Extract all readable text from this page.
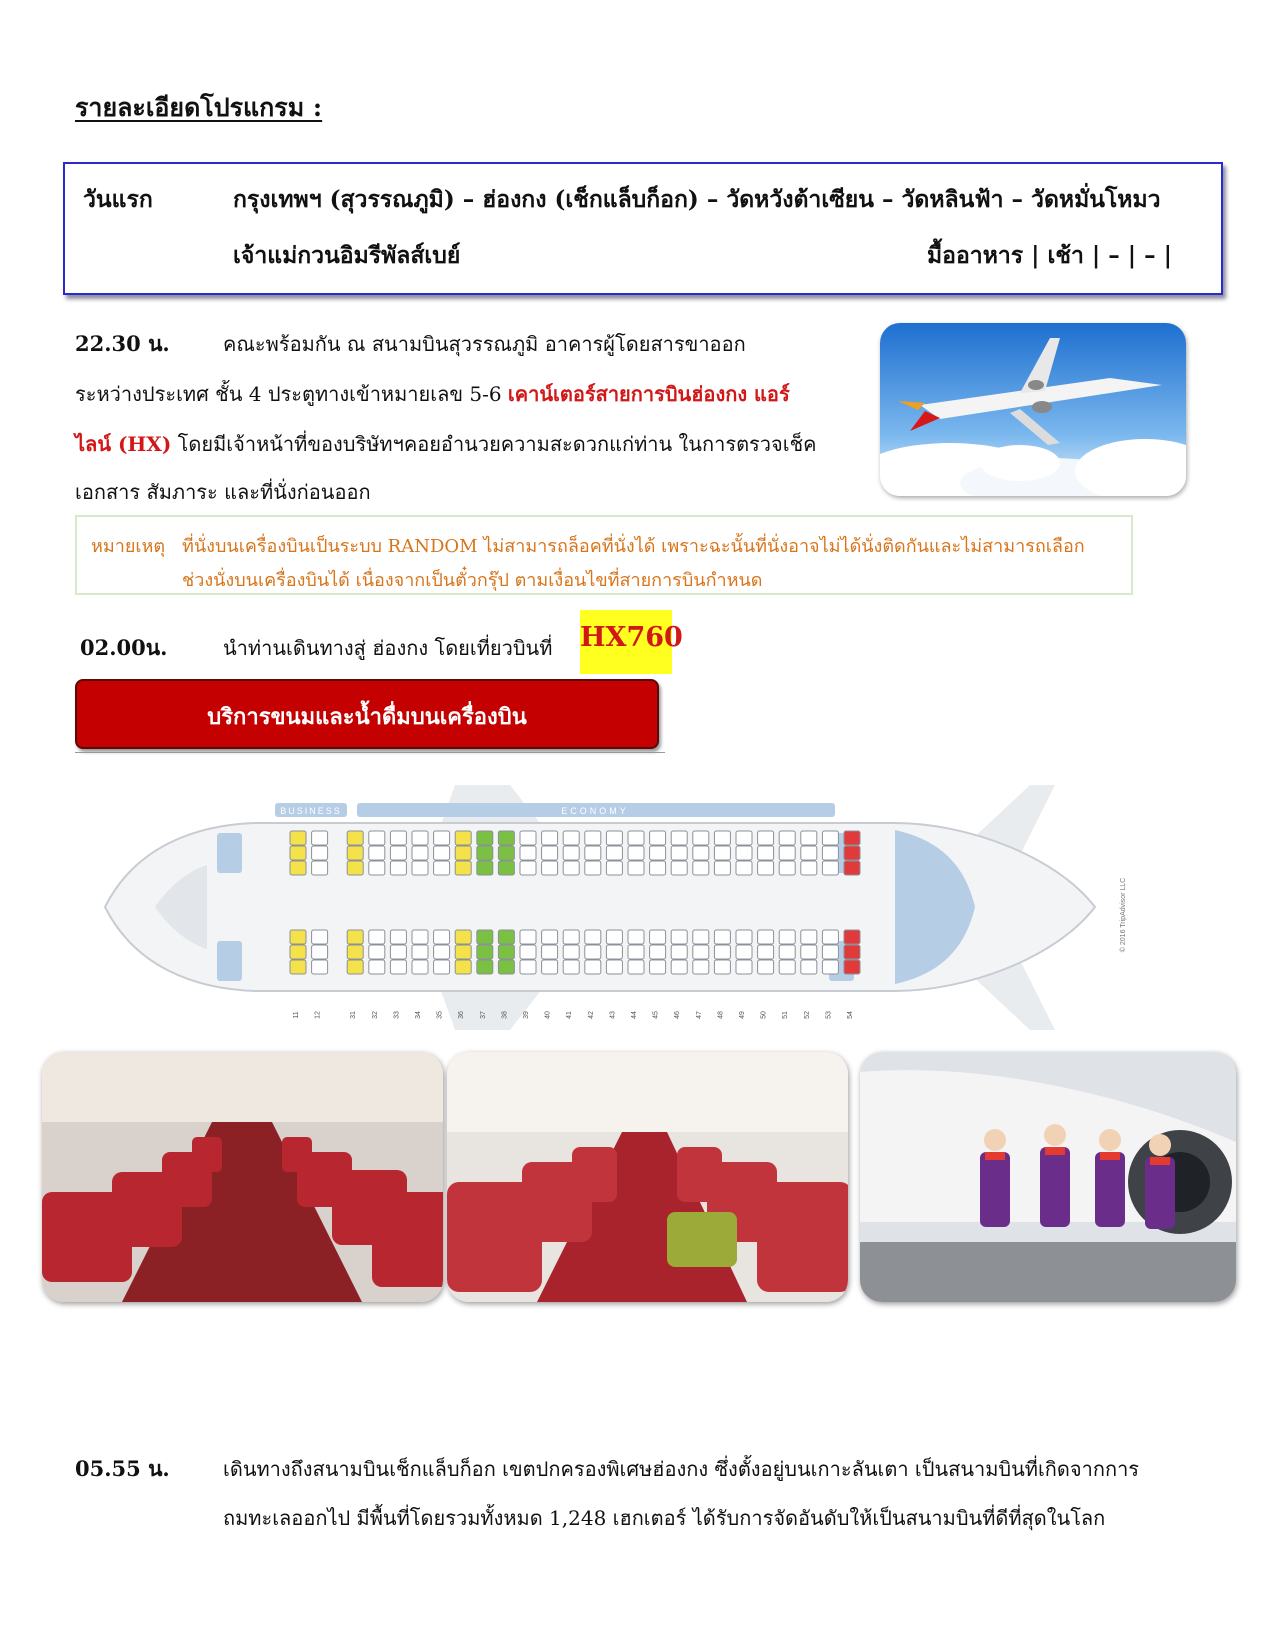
รายละเอียดโปรแกรม :
วันแรก	กรุงเทพฯ (สุวรรณภูมิ) – ฮ่องกง (เช็กแล็บก็อก) – วัดหวังต้าเซียน – วัดหลินฟ้า – วัดหมั่นโหมว
เจ้าแม่กวนอิมรีพัลส์เบย์	มื้ออาหาร | เช้า | – | – |
22.30 น.	คณะพร้อมกัน ณ สนามบินสุวรรณภูมิ อาคารผู้โดยสารขาออก
ระหว่างประเทศ ชั้น 4 ประตูทางเข้าหมายเลข 5-6 เคาน์เตอร์สายการบินฮ่องกง แอร์
ไลน์ (HX) โดยมีเจ้าหน้าที่ของบริษัทฯคอยอำนวยความสะดวกแก่ท่าน ในการตรวจเช็ค
เอกสาร สัมภาระ และที่นั่งก่อนออก
หมายเหตุ ที่นั่งบนเครื่องบินเป็นระบบ RANDOM ไม่สามารถล็อคที่นั่งได้ เพราะฉะนั้นที่นั่งอาจไม่ได้นั่งติดกันและไม่สามารถเลือก
ช่วงนั่งบนเครื่องบินได้ เนื่องจากเป็นตั๋วกรุ๊ป ตามเงื่อนไขที่สายการบินกำหนด
02.00น.	นำท่านเดินทางสู่ ฮ่องกง โดยเที่ยวบินที่ HX760
บริการขนมและน้ำดื่มบนเครื่องบิน
BUSINESS	ECONOMY
© 2016 TripAdvisor LLC
11 12	31 32 33 34 35 36 37 38 39 40 41 42 43 44 45 46 47 48 49 50 51 52 53 54
05.55 น.	เดินทางถึงสนามบินเช็กแล็บก็อก เขตปกครองพิเศษฮ่องกง ซึ่งตั้งอยู่บนเกาะลันเตา เป็นสนามบินที่เกิดจากการ
ถมทะเลออกไป มีพื้นที่โดยรวมทั้งหมด 1,248 เฮกเตอร์ ได้รับการจัดอันดับให้เป็นสนามบินที่ดีที่สุดในโลก
